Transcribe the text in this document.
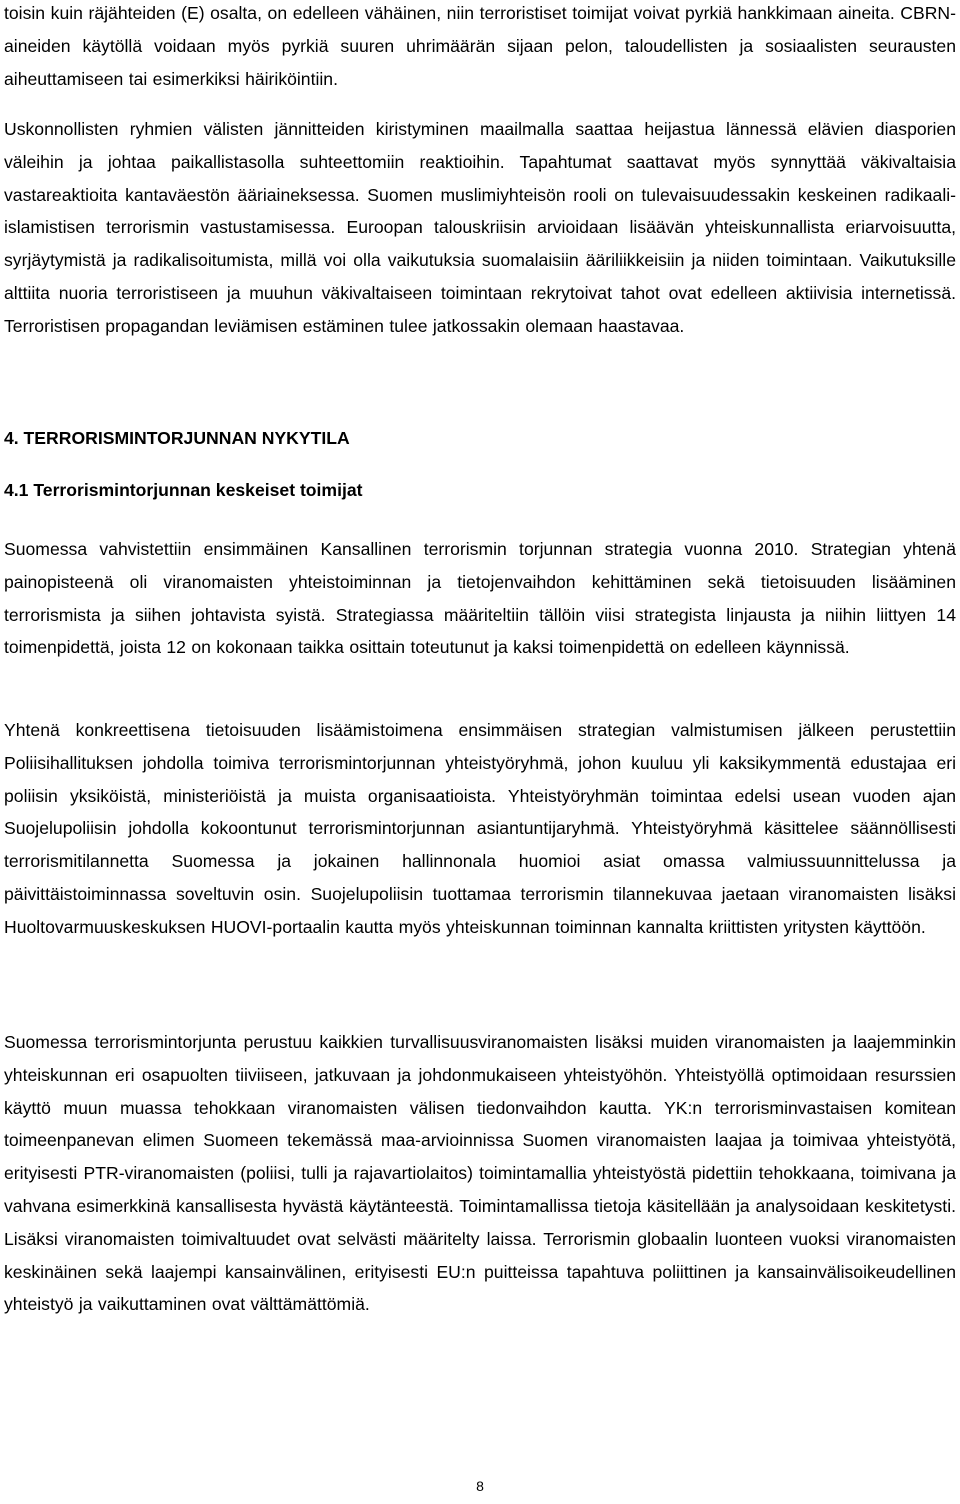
toisin kuin räjähteiden (E) osalta, on edelleen vähäinen, niin terroristiset toimijat voivat pyrkiä hankkimaan aineita. CBRN-aineiden käytöllä voidaan myös pyrkiä suuren uhrimäärän sijaan pelon, taloudellisten ja sosiaalisten seurausten aiheuttamiseen tai esimerkiksi häiriköintiin.

Uskonnollisten ryhmien välisten jännitteiden kiristyminen maailmalla saattaa heijastua lännessä elävien diasporien väleihin ja johtaa paikallistasolla suhteettomiin reaktioihin. Tapahtumat saattavat myös synnyttää väkivaltaisia vastareaktioita kantaväestön ääriaineksessa. Suomen muslimiyhteisön rooli on tulevaisuudessakin keskeinen radikaali-islamistisen terrorismin vastustamisessa. Euroopan talouskriisin arvioidaan lisäävän yhteiskunnallista eriarvoisuutta, syrjäytymistä ja radikalisoitumista, millä voi olla vaikutuksia suomalaisiin ääriliikkeisiin ja niiden toimintaan. Vaikutuksille alttiita nuoria terroristiseen ja muuhun väkivaltaiseen toimintaan rekrytoivat tahot ovat edelleen aktiivisia internetissä. Terroristisen propagandan leviämisen estäminen tulee jatkossakin olemaan haastavaa.

4. TERRORISMINTORJUNNAN NYKYTILA
4.1 Terrorismintorjunnan keskeiset toimijat

Suomessa vahvistettiin ensimmäinen Kansallinen terrorismin torjunnan strategia vuonna 2010. Strategian yhtenä painopisteenä oli viranomaisten yhteistoiminnan ja tietojenvaihdon kehittäminen sekä tietoisuuden lisääminen terrorismista ja siihen johtavista syistä. Strategiassa määriteltiin tällöin viisi strategista linjausta ja niihin liittyen 14 toimenpidettä, joista 12 on kokonaan taikka osittain toteutunut ja kaksi toimenpidettä on edelleen käynnissä.

Yhtenä konkreettisena tietoisuuden lisäämistoimena ensimmäisen strategian valmistumisen jälkeen perustettiin Poliisihallituksen johdolla toimiva terrorismintorjunnan yhteistyöryhmä, johon kuuluu yli kaksikymmentä edustajaa eri poliisin yksiköistä, ministeriöistä ja muista organisaatioista. Yhteistyöryhmän toimintaa edelsi usean vuoden ajan Suojelupoliisin johdolla kokoontunut terrorismintorjunnan asiantuntijaryhmä. Yhteistyöryhmä käsittelee säännöllisesti terrorismitilannetta Suomessa ja jokainen hallinnonala huomioi asiat omassa valmiussuunnittelussa ja päivittäistoiminnassa soveltuvin osin. Suojelupoliisin tuottamaa terrorismin tilannekuvaa jaetaan viranomaisten lisäksi Huoltovarmuuskeskuksen HUOVI-portaalin kautta myös yhteiskunnan toiminnan kannalta kriittisten yritysten käyttöön.

Suomessa terrorismintorjunta perustuu kaikkien turvallisuusviranomaisten lisäksi muiden viranomaisten ja laajemminkin yhteiskunnan eri osapuolten tiiviiseen, jatkuvaan ja johdonmukaiseen yhteistyöhön. Yhteistyöllä optimoidaan resurssien käyttö muun muassa tehokkaan viranomaisten välisen tiedonvaihdon kautta. YK:n terrorisminvastaisen komitean toimeenpanevan elimen Suomeen tekemässä maa-arvioinnissa Suomen viranomaisten laajaa ja toimivaa yhteistyötä, erityisesti PTR-viranomaisten (poliisi, tulli ja rajavartiolaitos) toimintamallia yhteistyöstä pidettiin tehokkaana, toimivana ja vahvana esimerkkinä kansallisesta hyvästä käytänteestä. Toimintamallissa tietoja käsitellään ja analysoidaan keskitetysti. Lisäksi viranomaisten toimivaltuudet ovat selvästi määritelty laissa. Terrorismin globaalin luonteen vuoksi viranomaisten keskinäinen sekä laajempi kansainvälinen, erityisesti EU:n puitteissa tapahtuva poliittinen ja kansainvälisoikeudellinen yhteistyö ja vaikuttaminen ovat välttämättömiä.

8
